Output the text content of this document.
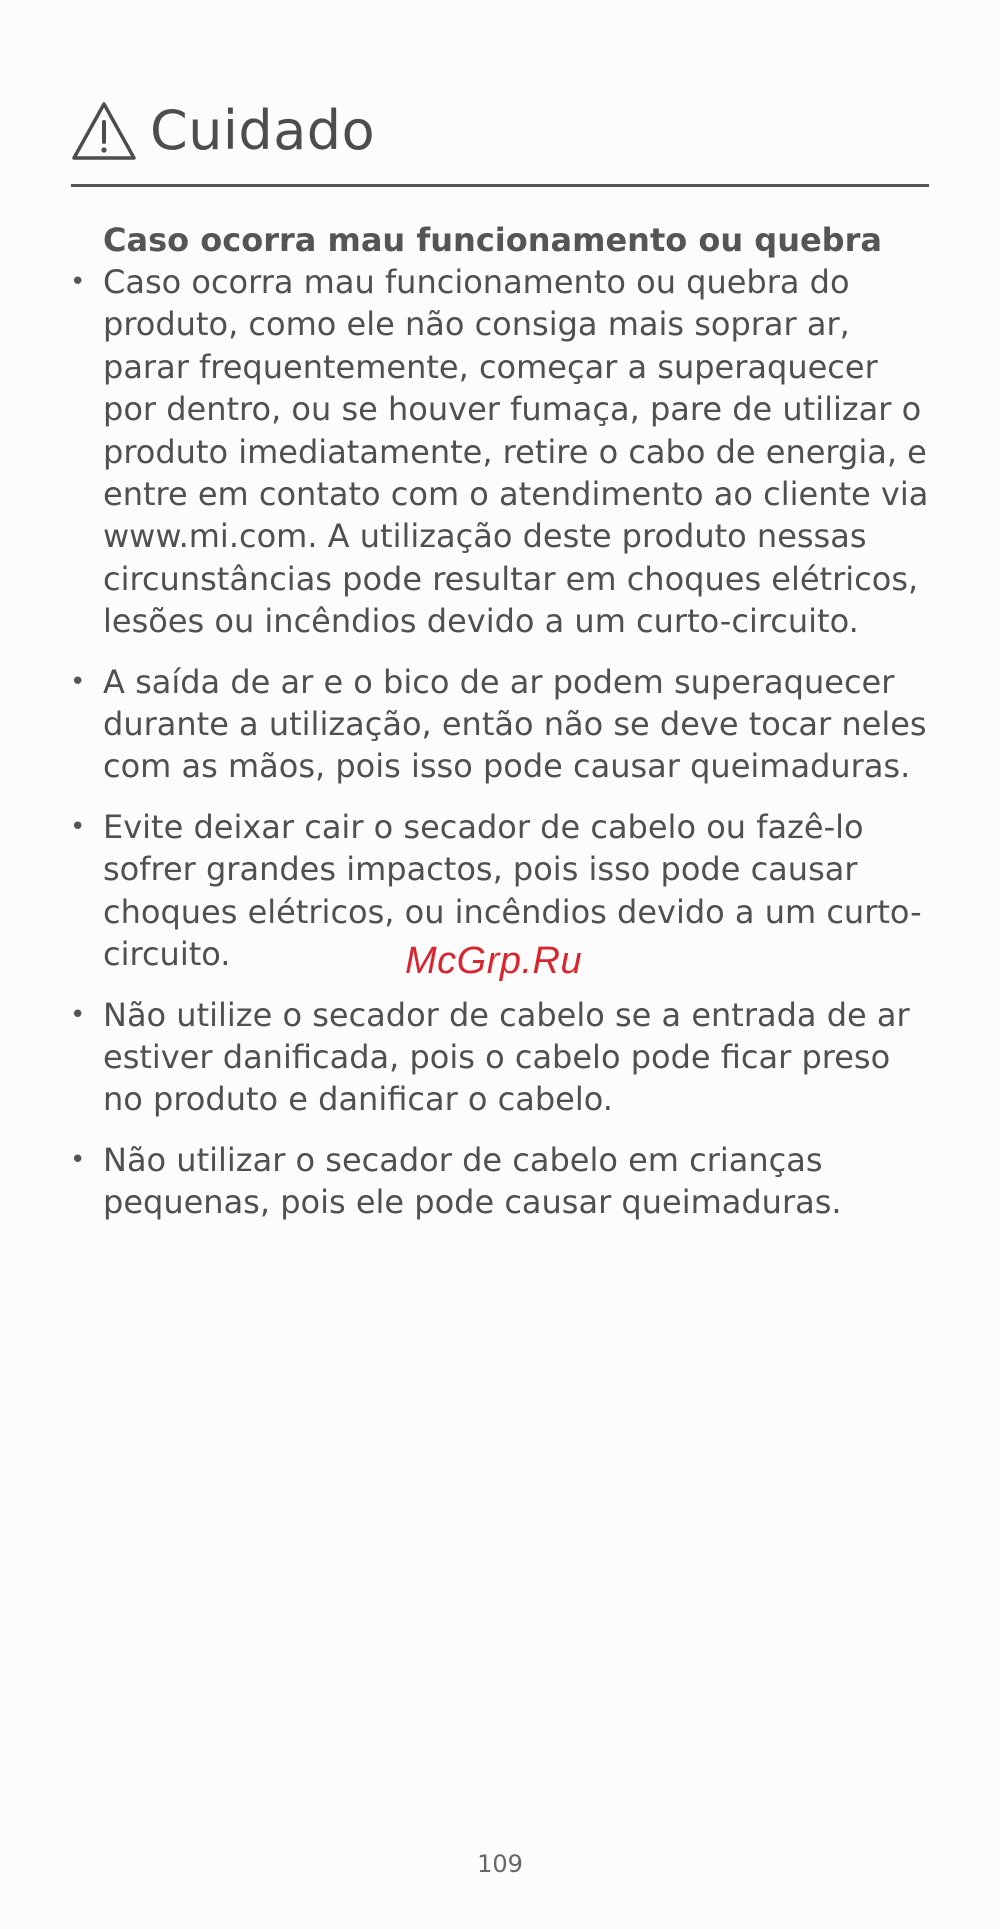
Cuidado
Caso ocorra mau funcionamento ou quebra
• Caso ocorra mau funcionamento ou quebra do produto, como ele não consiga mais soprar ar, parar frequentemente, começar a superaquecer por dentro, ou se houver fumaça, pare de utilizar o produto imediatamente, retire o cabo de energia, e entre em contato com o atendimento ao cliente via www.mi.com. A utilização deste produto nessas circunstâncias pode resultar em choques elétricos, lesões ou incêndios devido a um curto-circuito.
• A saída de ar e o bico de ar podem superaquecer durante a utilização, então não se deve tocar neles com as mãos, pois isso pode causar queimaduras.
• Evite deixar cair o secador de cabelo ou fazê-lo sofrer grandes impactos, pois isso pode causar choques elétricos, ou incêndios devido a um curto-circuito.
• Não utilize o secador de cabelo se a entrada de ar estiver danificada, pois o cabelo pode ficar preso no produto e danificar o cabelo.
• Não utilizar o secador de cabelo em crianças pequenas, pois ele pode causar queimaduras.
McGrp.Ru
109
